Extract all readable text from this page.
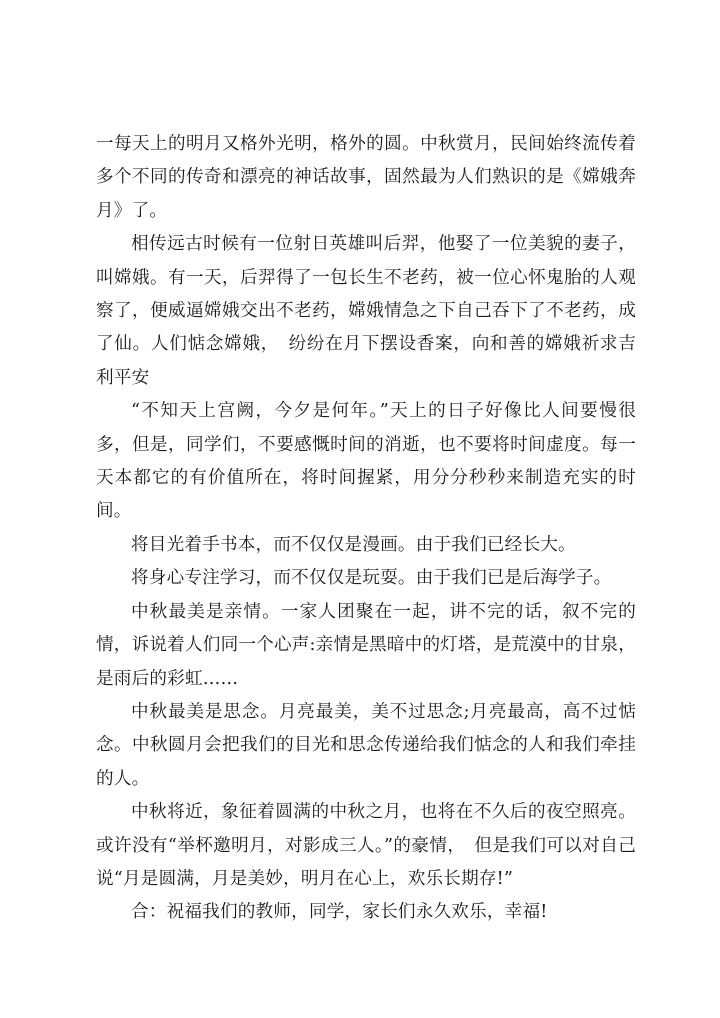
一每天上的明月又格外光明，格外的圆。中秋赏月，民间始终流传着多个不同的传奇和漂亮的神话故事，固然最为人们熟识的是《嫦娥奔月》了。

相传远古时候有一位射日英雄叫后羿，他娶了一位美貌的妻子，叫嫦娥。有一天，后羿得了一包长生不老药，被一位心怀鬼胎的人观察了，便威逼嫦娥交出不老药，嫦娥情急之下自己吞下了不老药，成了仙。人们惦念嫦娥，　纷纷在月下摆设香案，向和善的嫦娥祈求吉利平安

“不知天上宫阙，今夕是何年。”天上的日子好像比人间要慢很多，但是，同学们，不要感慨时间的消逝，也不要将时间虚度。每一天本都它的有价值所在，将时间握紧，用分分秒秒来制造充实的时间。

将目光着手书本，而不仅仅是漫画。由于我们已经长大。

将身心专注学习，而不仅仅是玩耍。由于我们已是后海学子。

中秋最美是亲情。一家人团聚在一起，讲不完的话，叙不完的情，诉说着人们同一个心声:亲情是黑暗中的灯塔，是荒漠中的甘泉，是雨后的彩虹……

中秋最美是思念。月亮最美，美不过思念;月亮最高，高不过惦念。中秋圆月会把我们的目光和思念传递给我们惦念的人和我们牵挂的人。

中秋将近，象征着圆满的中秋之月，也将在不久后的夜空照亮。或许没有“举杯邀明月，对影成三人。”的豪情，　但是我们可以对自己说“月是圆满，月是美妙，明月在心上，欢乐长期存!”

合：祝福我们的教师，同学，家长们永久欢乐，幸福!
